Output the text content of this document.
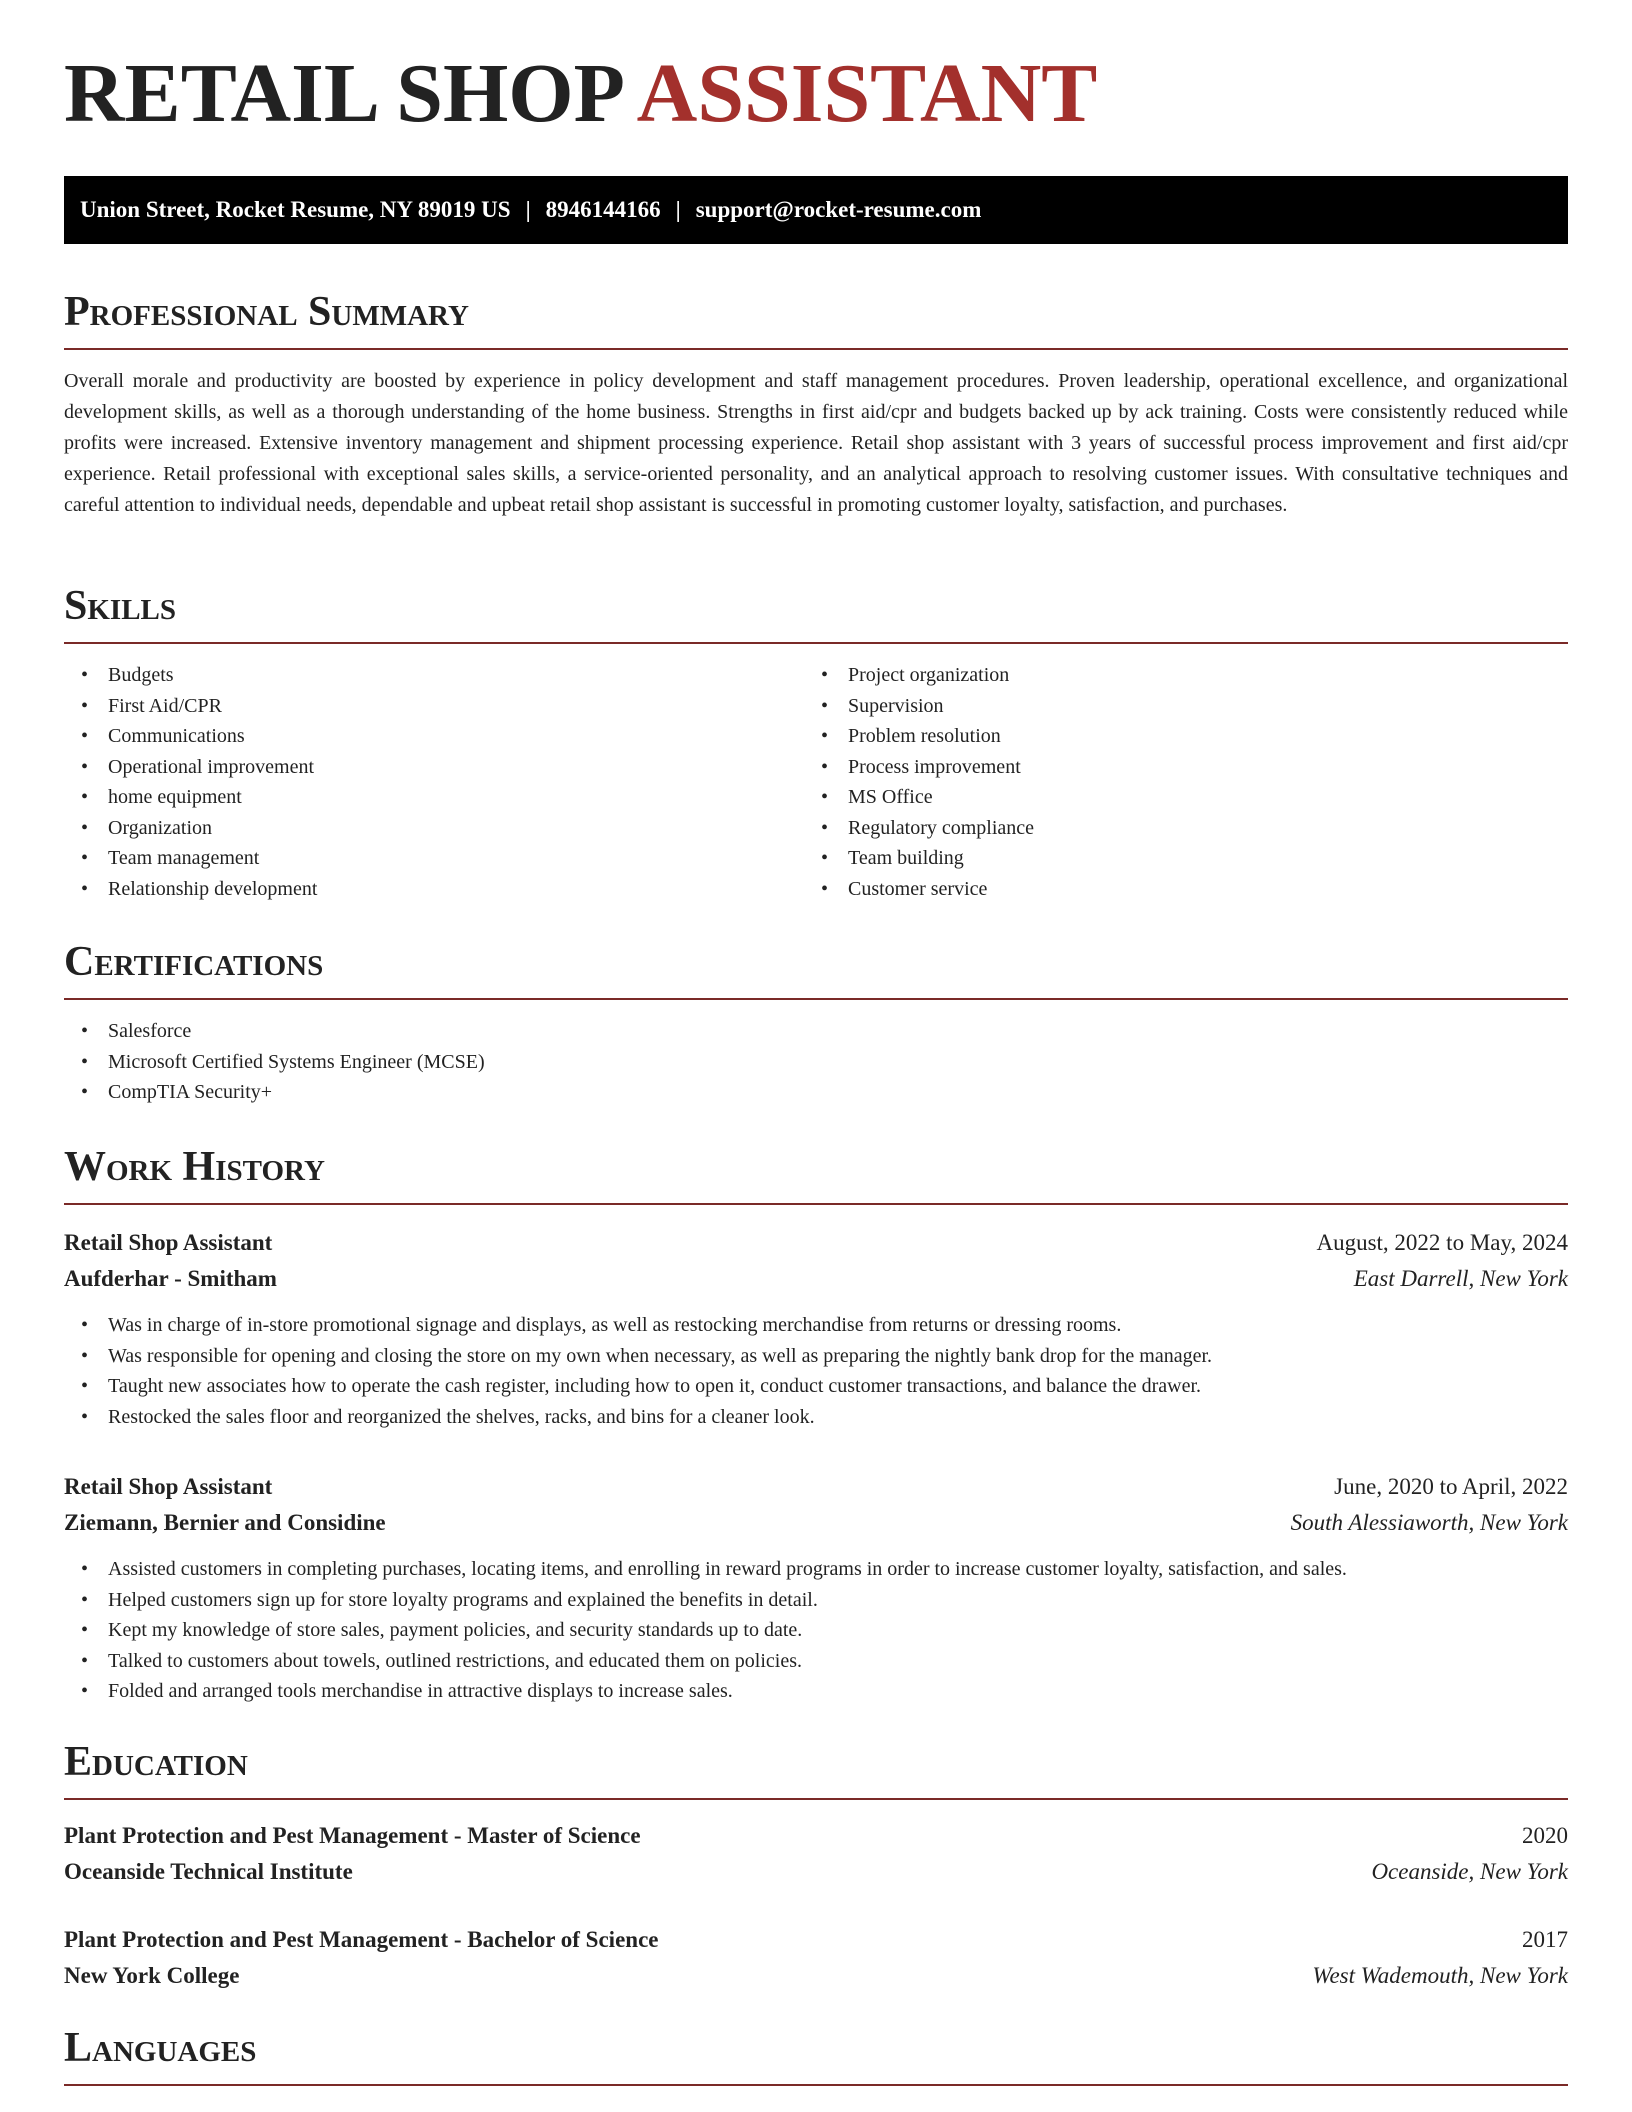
RETAIL SHOP ASSISTANT
Union Street, Rocket Resume, NY 89019 US | 8946144166 | support@rocket-resume.com
Professional Summary

Overall morale and productivity are boosted by experience in policy development and staff management procedures. Proven leadership, operational excellence, and organizational development skills, as well as a thorough understanding of the home business. Strengths in first aid/cpr and budgets backed up by ack training. Costs were consistently reduced while profits were increased. Extensive inventory management and shipment processing experience. Retail shop assistant with 3 years of successful process improvement and first aid/cpr experience. Retail professional with exceptional sales skills, a service-oriented personality, and an analytical approach to resolving customer issues. With consultative techniques and careful attention to individual needs, dependable and upbeat retail shop assistant is successful in promoting customer loyalty, satisfaction, and purchases.

Skills
• Budgets
• First Aid/CPR
• Communications
• Operational improvement
• home equipment
• Organization
• Team management
• Relationship development
• Project organization
• Supervision
• Problem resolution
• Process improvement
• MS Office
• Regulatory compliance
• Team building
• Customer service
Certifications
• Salesforce
• Microsoft Certified Systems Engineer (MCSE)
• CompTIA Security+
Work History
Retail Shop Assistant	August, 2022 to May, 2024
Aufderhar - Smitham	East Darrell, New York
• Was in charge of in-store promotional signage and displays, as well as restocking merchandise from returns or dressing rooms.
• Was responsible for opening and closing the store on my own when necessary, as well as preparing the nightly bank drop for the manager.
• Taught new associates how to operate the cash register, including how to open it, conduct customer transactions, and balance the drawer.
• Restocked the sales floor and reorganized the shelves, racks, and bins for a cleaner look.
Retail Shop Assistant	June, 2020 to April, 2022
Ziemann, Bernier and Considine	South Alessiaworth, New York
• Assisted customers in completing purchases, locating items, and enrolling in reward programs in order to increase customer loyalty, satisfaction, and sales.
• Helped customers sign up for store loyalty programs and explained the benefits in detail.
• Kept my knowledge of store sales, payment policies, and security standards up to date.
• Talked to customers about towels, outlined restrictions, and educated them on policies.
• Folded and arranged tools merchandise in attractive displays to increase sales.
Education
Plant Protection and Pest Management - Master of Science	2020
Oceanside Technical Institute	Oceanside, New York
Plant Protection and Pest Management - Bachelor of Science	2017
New York College	West Wademouth, New York
Languages
